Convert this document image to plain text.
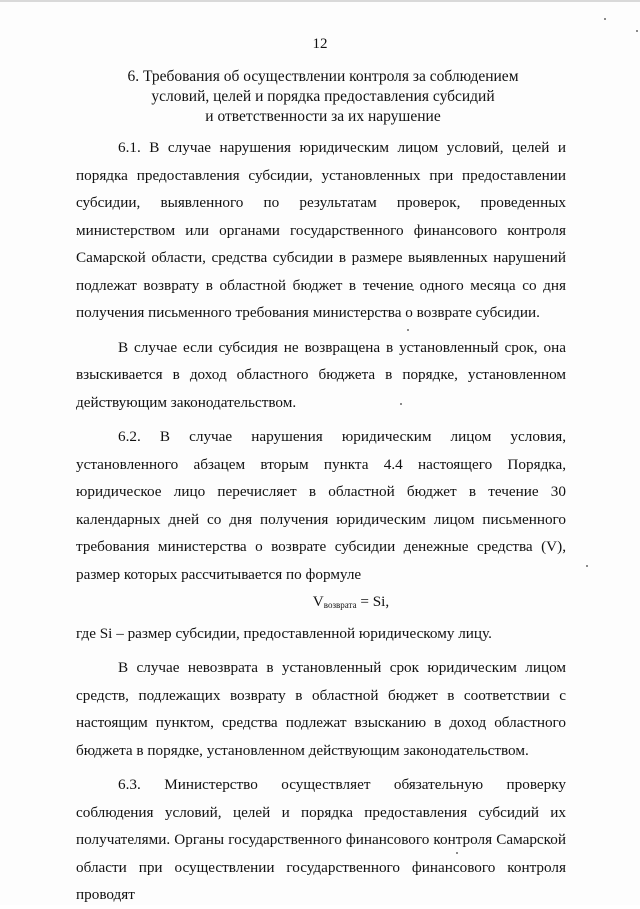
12
6. Требования об осуществлении контроля за соблюдением
условий, целей и порядка предоставления субсидий
и ответственности за их нарушение

6.1. В случае нарушения юридическим лицом условий, целей и порядка предоставления субсидии, установленных при предоставлении субсидии, выявленного по результатам проверок, проведенных министерством или органами государственного финансового контроля Самарской области, средства субсидии в размере выявленных нарушений подлежат возврату в областной бюджет в течение одного месяца со дня получения письменного требования министерства о возврате субсидии.

В случае если субсидия не возвращена в установленный срок, она взыскивается в доход областного бюджета в порядке, установленном действующим законодательством.

6.2. В случае нарушения юридическим лицом условия, установленного абзацем вторым пункта 4.4 настоящего Порядка, юридическое лицо перечисляет в областной бюджет в течение 30 календарных дней со дня получения юридическим лицом письменного требования министерства о возврате субсидии денежные средства (V), размер которых рассчитывается по формуле

$V_{возврата} = Si$,

где Si – размер субсидии, предоставленной юридическому лицу.

В случае невозврата в установленный срок юридическим лицом средств, подлежащих возврату в областной бюджет в соответствии с настоящим пунктом, средства подлежат взысканию в доход областного бюджета в порядке, установленном действующим законодательством.

6.3. Министерство осуществляет обязательную проверку соблюдения условий, целей и порядка предоставления субсидий их получателями. Органы государственного финансового контроля Самарской области при осуществлении государственного финансового контроля проводят
